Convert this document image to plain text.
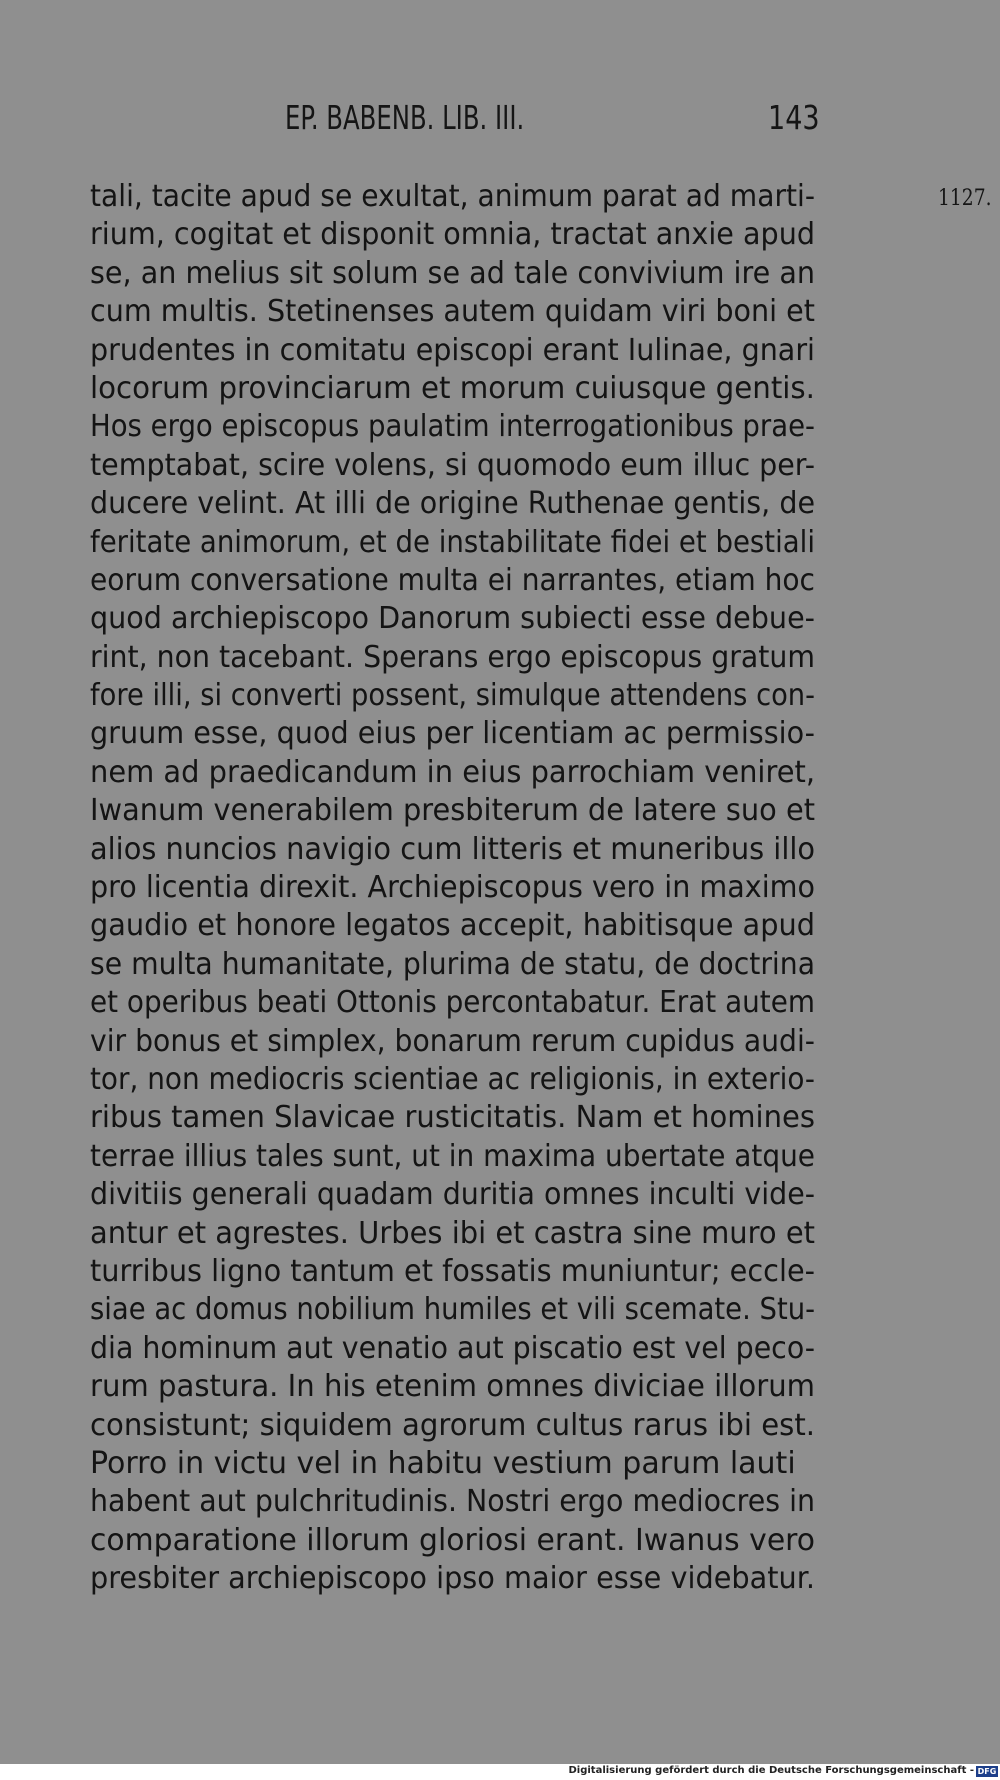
EP. BABENB. LIB. III.	143
1127.
tali, tacite apud se exultat, animum parat ad marti-
rium, cogitat et disponit omnia, tractat anxie apud
se, an melius sit solum se ad tale convivium ire an
cum multis. Stetinenses autem quidam viri boni et
prudentes in comitatu episcopi erant Iulinae, gnari
locorum provinciarum et morum cuiusque gentis.
Hos ergo episcopus paulatim interrogationibus prae-
temptabat, scire volens, si quomodo eum illuc per-
ducere velint. At illi de origine Ruthenae gentis, de
feritate animorum, et de instabilitate fidei et bestiali
eorum conversatione multa ei narrantes, etiam hoc
quod archiepiscopo Danorum subiecti esse debue-
rint, non tacebant. Sperans ergo episcopus gratum
fore illi, si converti possent, simulque attendens con-
gruum esse, quod eius per licentiam ac permissio-
nem ad praedicandum in eius parrochiam veniret,
Iwanum venerabilem presbiterum de latere suo et
alios nuncios navigio cum litteris et muneribus illo
pro licentia direxit. Archiepiscopus vero in maximo
gaudio et honore legatos accepit, habitisque apud
se multa humanitate, plurima de statu, de doctrina
et operibus beati Ottonis percontabatur. Erat autem
vir bonus et simplex, bonarum rerum cupidus audi-
tor, non mediocris scientiae ac religionis, in exterio-
ribus tamen Slavicae rusticitatis. Nam et homines
terrae illius tales sunt, ut in maxima ubertate atque
divitiis generali quadam duritia omnes inculti vide-
antur et agrestes. Urbes ibi et castra sine muro et
turribus ligno tantum et fossatis muniuntur; eccle-
siae ac domus nobilium humiles et vili scemate. Stu-
dia hominum aut venatio aut piscatio est vel peco-
rum pastura. In his etenim omnes diviciae illorum
consistunt; siquidem agrorum cultus rarus ibi est.
Porro in victu vel in habitu vestium parum lauti
habent aut pulchritudinis. Nostri ergo mediocres in
comparatione illorum gloriosi erant. Iwanus vero
presbiter archiepiscopo ipso maior esse videbatur.
Digitalisierung gefördert durch die Deutsche Forschungsgemeinschaft - DFG
